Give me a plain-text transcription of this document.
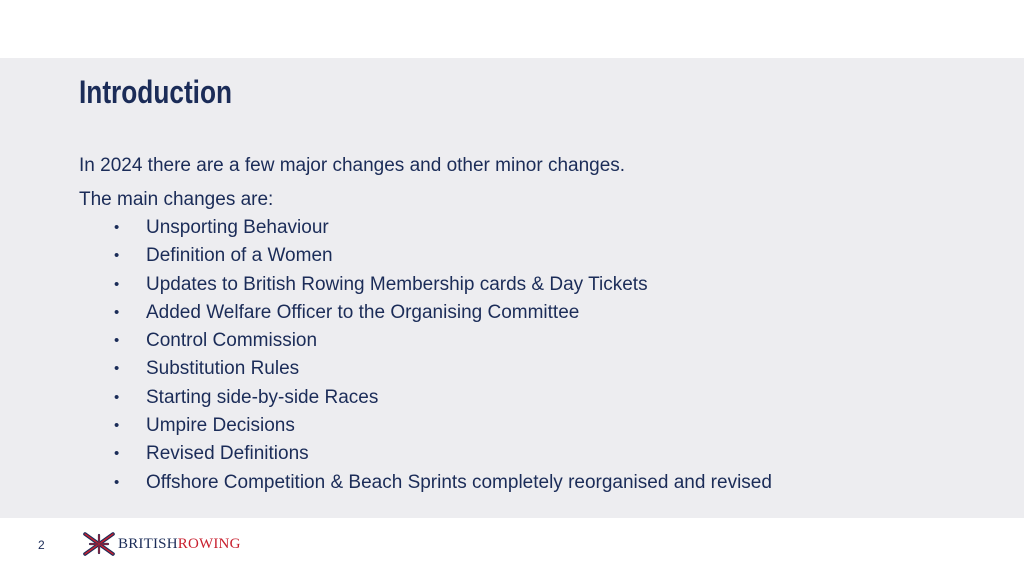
Introduction

In 2024 there are a few major changes and other minor changes.

The main changes are:

• Unsporting Behaviour
• Definition of a Women
• Updates to British Rowing Membership cards & Day Tickets
• Added Welfare Officer to the Organising Committee
• Control Commission
• Substitution Rules
• Starting side-by-side Races
• Umpire Decisions
• Revised Definitions
• Offshore Competition & Beach Sprints completely reorganised and revised
2	BRITISHROWING
